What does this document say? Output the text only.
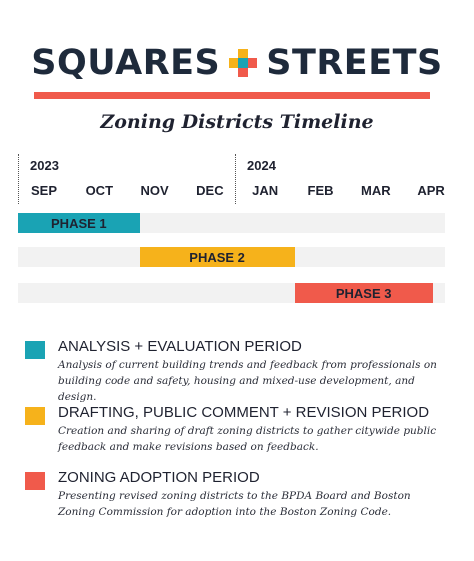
SQUARES STREETS
Zoning Districts Timeline
2023	2024
SEP	OCT	NOV	DEC	JAN	FEB	MAR	APR
PHASE 1
PHASE 2
PHASE 3
ANALYSIS + EVALUATION PERIOD
Analysis of current building trends and feedback from professionals on building code and safety, housing and mixed-use development, and design.
DRAFTING, PUBLIC COMMENT + REVISION PERIOD
Creation and sharing of draft zoning districts to gather citywide public feedback and make revisions based on feedback.
ZONING ADOPTION PERIOD
Presenting revised zoning districts to the BPDA Board and Boston Zoning Commission for adoption into the Boston Zoning Code.
